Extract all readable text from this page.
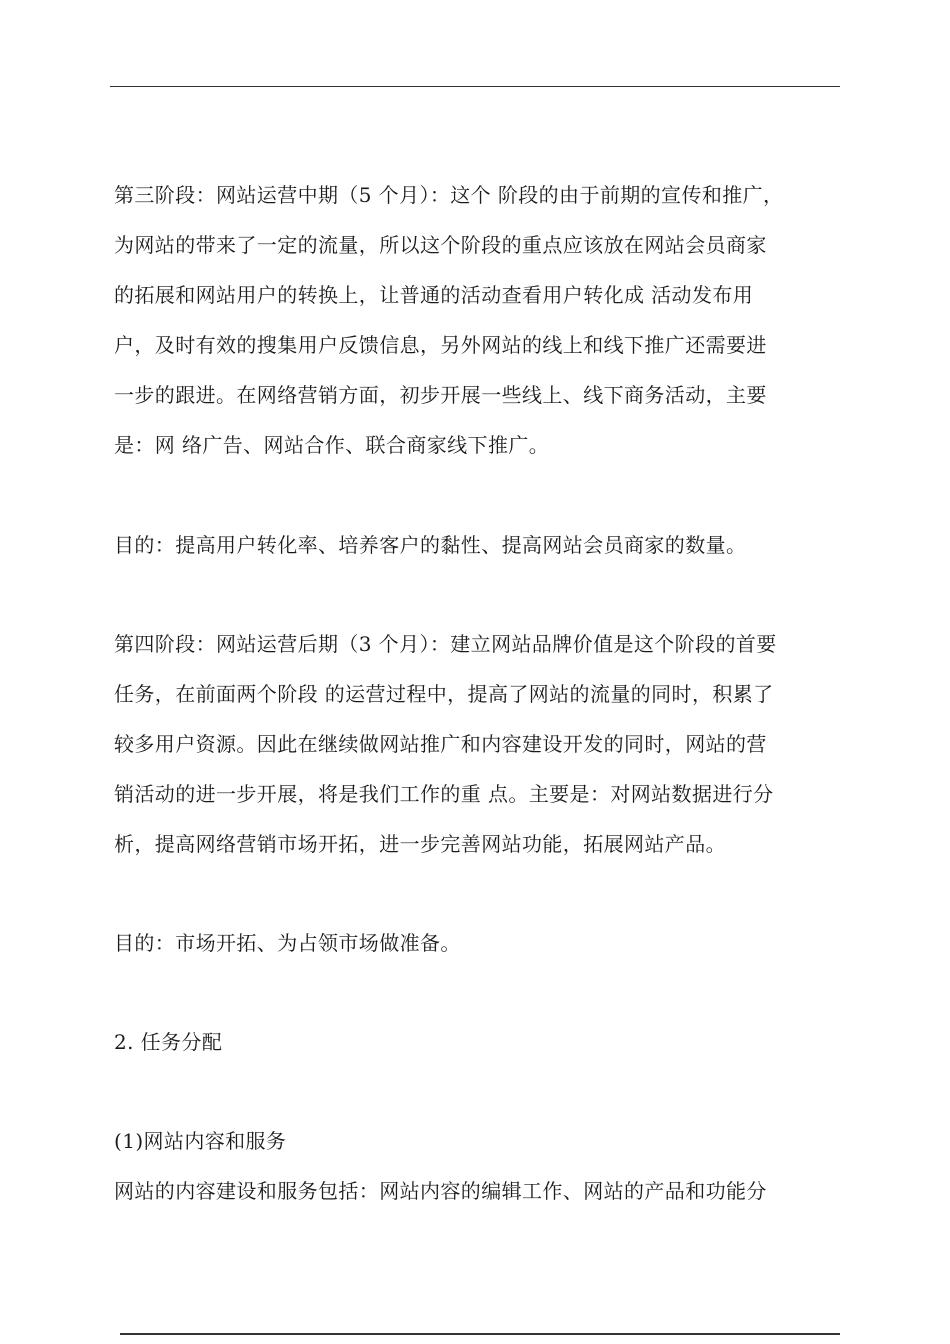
第三阶段：网站运营中期（5 个月）：这个 阶段的由于前期的宣传和推广，
为网站的带来了一定的流量，所以这个阶段的重点应该放在网站会员商家
的拓展和网站用户的转换上，让普通的活动查看用户转化成 活动发布用
户，及时有效的搜集用户反馈信息，另外网站的线上和线下推广还需要进
一步的跟进。在网络营销方面，初步开展一些线上、线下商务活动，主要
是：网 络广告、网站合作、联合商家线下推广。
目的：提高用户转化率、培养客户的黏性、提高网站会员商家的数量。
第四阶段：网站运营后期（3 个月）：建立网站品牌价值是这个阶段的首要
任务，在前面两个阶段 的运营过程中，提高了网站的流量的同时，积累了
较多用户资源。因此在继续做网站推广和内容建设开发的同时，网站的营
销活动的进一步开展，将是我们工作的重 点。主要是：对网站数据进行分
析，提高网络营销市场开拓，进一步完善网站功能，拓展网站产品。
目的：市场开拓、为占领市场做准备。
2. 任务分配
(1)网站内容和服务
网站的内容建设和服务包括：网站内容的编辑工作、网站的产品和功能分
